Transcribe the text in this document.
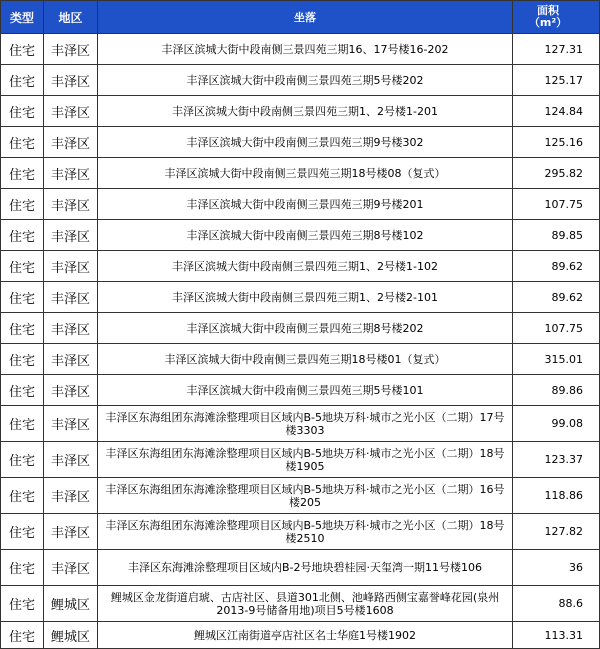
类型	地区	坐落	面积
（m²）

住宅	丰泽区	丰泽区滨城大街中段南侧三景四苑三期16、17号楼16-202	127.31
住宅	丰泽区	丰泽区滨城大街中段南侧三景四苑三期5号楼202	125.17
住宅	丰泽区	丰泽区滨城大街中段南侧三景四苑三期1、2号楼1-201	124.84
住宅	丰泽区	丰泽区滨城大街中段南侧三景四苑三期9号楼302	125.16
住宅	丰泽区	丰泽区滨城大街中段南侧三景四苑三期18号楼08（复式）	295.82
住宅	丰泽区	丰泽区滨城大街中段南侧三景四苑三期9号楼201	107.75
住宅	丰泽区	丰泽区滨城大街中段南侧三景四苑三期8号楼102	89.85
住宅	丰泽区	丰泽区滨城大街中段南侧三景四苑三期1、2号楼1-102	89.62
住宅	丰泽区	丰泽区滨城大街中段南侧三景四苑三期1、2号楼2-101	89.62
住宅	丰泽区	丰泽区滨城大街中段南侧三景四苑三期8号楼202	107.75
住宅	丰泽区	丰泽区滨城大街中段南侧三景四苑三期18号楼01（复式）	315.01
住宅	丰泽区	丰泽区滨城大街中段南侧三景四苑三期5号楼101	89.86
住宅	丰泽区	丰泽区东海组团东海滩涂整理项目区域内B-5地块万科·城市之光小区（二期）17号楼3303	99.08
住宅	丰泽区	丰泽区东海组团东海滩涂整理项目区域内B-5地块万科·城市之光小区（二期）18号楼1905	123.37
住宅	丰泽区	丰泽区东海组团东海滩涂整理项目区域内B-5地块万科·城市之光小区（二期）16号楼205	118.86
住宅	丰泽区	丰泽区东海组团东海滩涂整理项目区域内B-5地块万科·城市之光小区（二期）18号楼2510	127.82
住宅	丰泽区	丰泽区东海滩涂整理项目区域内B-2号地块碧桂园·天玺湾一期11号楼106	36
住宅	鲤城区	鲤城区金龙街道启琥、古店社区、县道301北侧、池峰路西侧宝嘉誉峰花园(泉州2013-9号储备用地)项目5号楼1608	88.6
住宅	鲤城区	鲤城区江南街道亭店社区名士华庭1号楼1902	113.31
